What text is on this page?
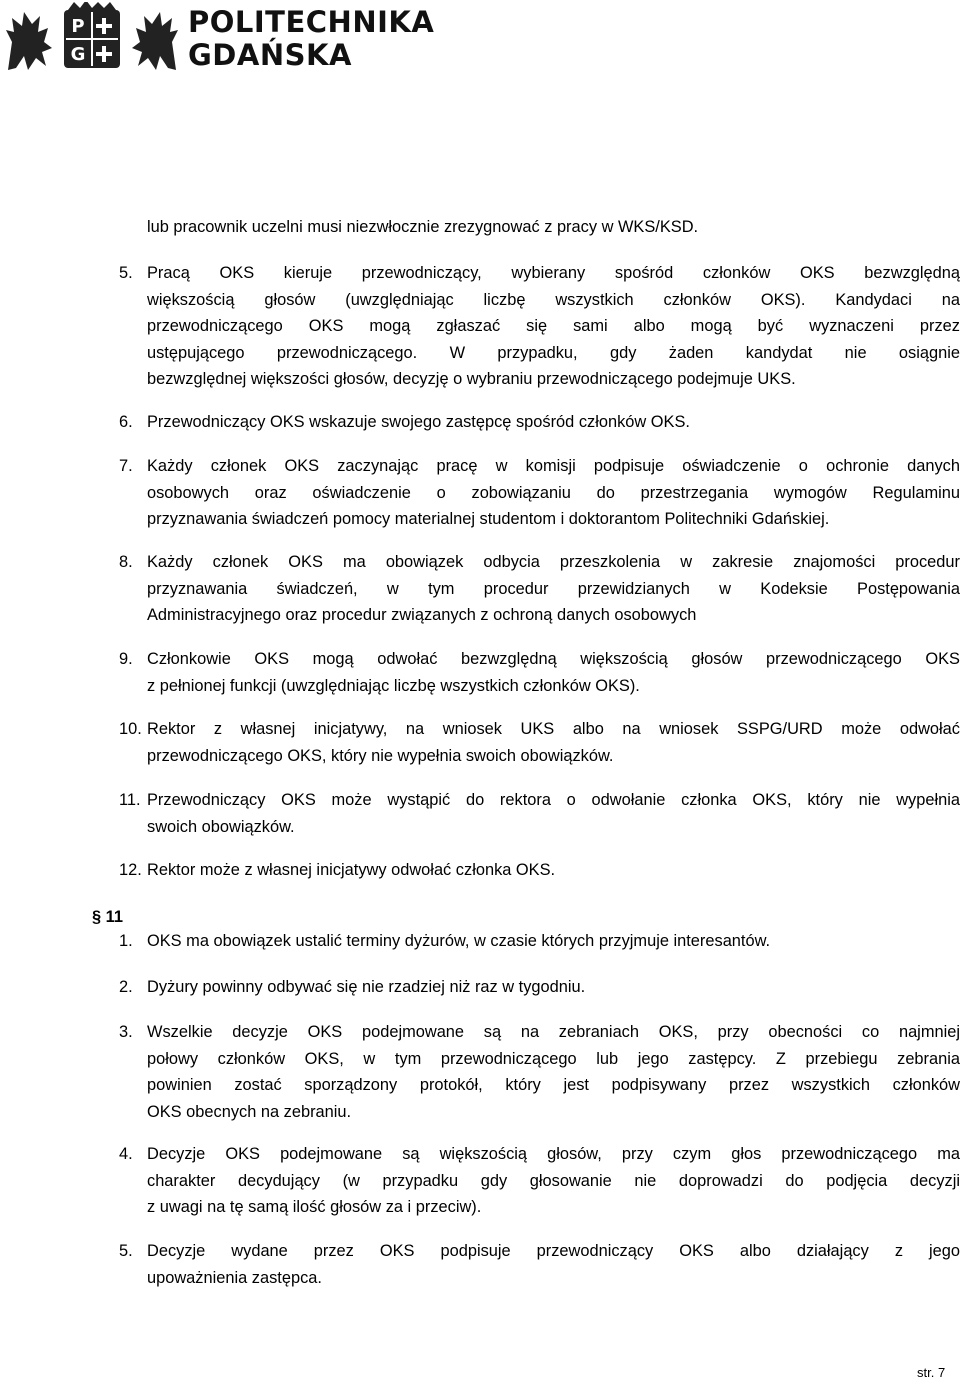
P
G
POLITECHNIKA
GDAŃSKA
lub pracownik uczelni musi niezwłocznie zrezygnować z pracy w WKS/KSD.
5. Pracą OKS kieruje przewodniczący, wybierany spośród członków OKS bezwzględną
większością głosów (uwzględniając liczbę wszystkich członków OKS). Kandydaci na
przewodniczącego OKS mogą zgłaszać się sami albo mogą być wyznaczeni przez
ustępującego przewodniczącego. W przypadku, gdy żaden kandydat nie osiągnie
bezwzględnej większości głosów, decyzję o wybraniu przewodniczącego podejmuje UKS.
6. Przewodniczący OKS wskazuje swojego zastępcę spośród członków OKS.
7. Każdy członek OKS zaczynając pracę w komisji podpisuje oświadczenie o ochronie danych
osobowych oraz oświadczenie o zobowiązaniu do przestrzegania wymogów Regulaminu
przyznawania świadczeń pomocy materialnej studentom i doktorantom Politechniki Gdańskiej.
8. Każdy członek OKS ma obowiązek odbycia przeszkolenia w zakresie znajomości procedur
przyznawania świadczeń, w tym procedur przewidzianych w Kodeksie Postępowania
Administracyjnego oraz procedur związanych z ochroną danych osobowych
9. Członkowie OKS mogą odwołać bezwzględną większością głosów przewodniczącego OKS
z pełnionej funkcji (uwzględniając liczbę wszystkich członków OKS).
10. Rektor z własnej inicjatywy, na wniosek UKS albo na wniosek SSPG/URD może odwołać
przewodniczącego OKS, który nie wypełnia swoich obowiązków.
11. Przewodniczący OKS może wystąpić do rektora o odwołanie członka OKS, który nie wypełnia
swoich obowiązków.
12. Rektor może z własnej inicjatywy odwołać członka OKS.
§ 11
1. OKS ma obowiązek ustalić terminy dyżurów, w czasie których przyjmuje interesantów.
2. Dyżury powinny odbywać się nie rzadziej niż raz w tygodniu.
3. Wszelkie decyzje OKS podejmowane są na zebraniach OKS, przy obecności co najmniej
połowy członków OKS, w tym przewodniczącego lub jego zastępcy. Z przebiegu zebrania
powinien zostać sporządzony protokół, który jest podpisywany przez wszystkich członków
OKS obecnych na zebraniu.
4. Decyzje OKS podejmowane są większością głosów, przy czym głos przewodniczącego ma
charakter decydujący (w przypadku gdy głosowanie nie doprowadzi do podjęcia decyzji
z uwagi na tę samą ilość głosów za i przeciw).
5. Decyzje wydane przez OKS podpisuje przewodniczący OKS albo działający z jego
upoważnienia zastępca.
str. 7
